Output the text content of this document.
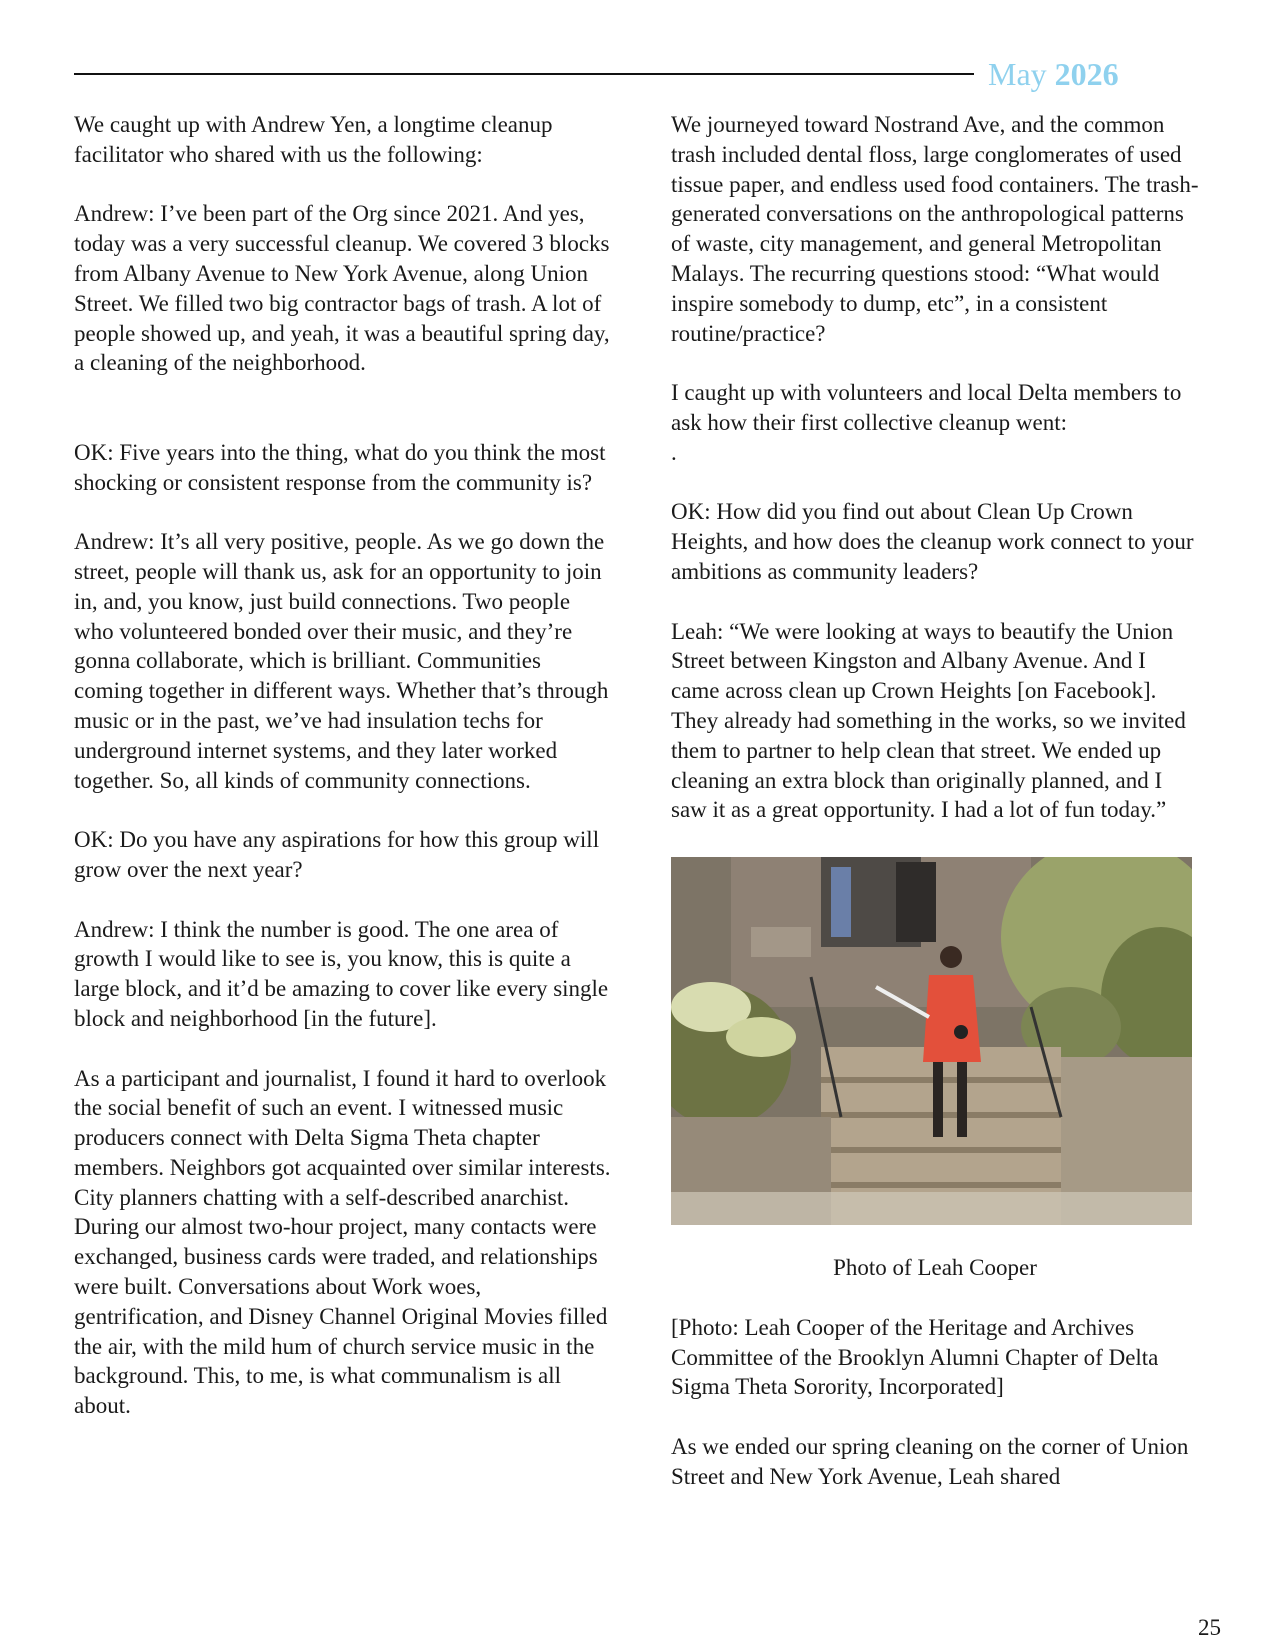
May 2026

We caught up with Andrew Yen, a longtime cleanup facilitator who shared with us the following:

Andrew: I’ve been part of the Org since 2021. And yes, today was a very successful cleanup. We covered 3 blocks from Albany Avenue to New York Avenue, along Union Street. We filled two big contractor bags of trash. A lot of people showed up, and yeah, it was a beautiful spring day, a cleaning of the neighborhood.

OK: Five years into the thing, what do you think the most shocking or consistent response from the community is?

Andrew: It’s all very positive, people. As we go down the street, people will thank us, ask for an opportunity to join in, and, you know, just build connections. Two people who volunteered bonded over their music, and they’re gonna collaborate, which is brilliant. Communities coming together in different ways. Whether that’s through music or in the past, we’ve had insulation techs for underground internet systems, and they later worked together. So, all kinds of community connections.

OK: Do you have any aspirations for how this group will grow over the next year?

Andrew: I think the number is good. The one area of growth I would like to see is, you know, this is quite a large block, and it’d be amazing to cover like every single block and neighborhood [in the future].

As a participant and journalist, I found it hard to overlook the social benefit of such an event. I witnessed music producers connect with Delta Sigma Theta chapter members. Neighbors got acquainted over similar interests. City planners chatting with a self-described anarchist. During our almost two-hour project, many contacts were exchanged, business cards were traded, and relationships were built. Conversations about Work woes, gentrification, and Disney Channel Original Movies filled the air, with the mild hum of church service music in the background. This, to me, is what communalism is all about.

We journeyed toward Nostrand Ave, and the common trash included dental floss, large conglomerates of used tissue paper, and endless used food containers. The trash-generated conversations on the anthropological patterns of waste, city management, and general Metropolitan Malays. The recurring questions stood: “What would inspire somebody to dump, etc”, in a consistent routine/practice?

I caught up with volunteers and local Delta members to ask how their first collective cleanup went:

.

OK: How did you find out about Clean Up Crown Heights, and how does the cleanup work connect to your ambitions as community leaders?

Leah: “We were looking at ways to beautify the Union Street between Kingston and Albany Avenue. And I came across clean up Crown Heights [on Facebook]. They already had something in the works, so we invited them to partner to help clean that street. We ended up cleaning an extra block than originally planned, and I saw it as a great opportunity. I had a lot of fun today.”

Photo of Leah Cooper

[Photo: Leah Cooper of the Heritage and Archives Committee of the Brooklyn Alumni Chapter of Delta Sigma Theta Sorority, Incorporated]

As we ended our spring cleaning on the corner of Union Street and New York Avenue, Leah shared

25
